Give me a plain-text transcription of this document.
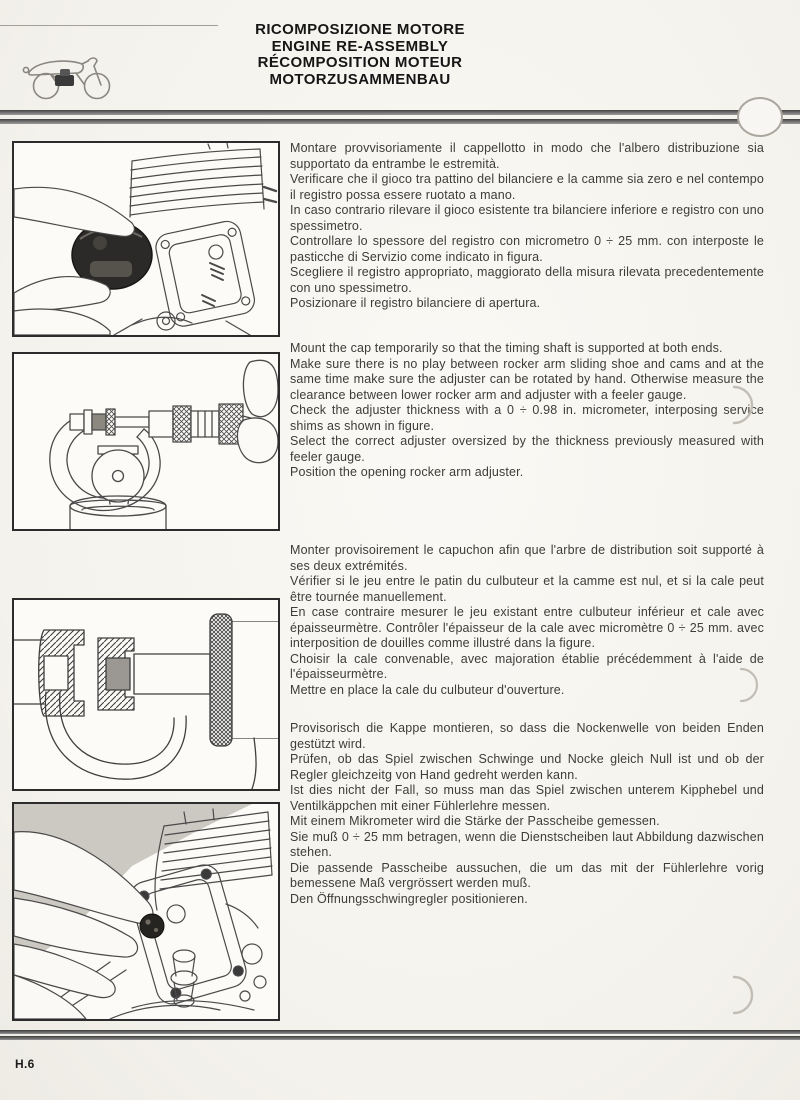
RICOMPOSIZIONE MOTORE
ENGINE RE-ASSEMBLY
RÉCOMPOSITION MOTEUR
MOTORZUSAMMENBAU

Montare provvisoriamente il cappellotto in modo che l'albero distribuzione sia supportato da entrambe le estremità.

Verificare che il gioco tra pattino del bilanciere e la camme sia zero e nel contempo il registro possa essere ruotato a mano.

In caso contrario rilevare il gioco esistente tra bilanciere inferiore e registro con uno spessimetro.

Controllare lo spessore del registro con micrometro 0 ÷ 25 mm. con interposte le pasticche di Servizio come indicato in figura.

Scegliere il registro appropriato, maggiorato della misura rilevata precedentemente con uno spessimetro.

Posizionare il registro bilanciere di apertura.

Mount the cap temporarily so that the timing shaft is supported at both ends.

Make sure there is no play between rocker arm sliding shoe and cams and at the same time make sure the adjuster can be rotated by hand. Otherwise measure the clearance between lower rocker arm and adjuster with a feeler gauge.

Check the adjuster thickness with a 0 ÷ 0.98 in. micrometer, interposing service shims as shown in figure.

Select the correct adjuster oversized by the thickness previously measured with feeler gauge.

Position the opening rocker arm adjuster.

Monter provisoirement le capuchon afin que l'arbre de distribution soit supporté à ses deux extrémités.

Vérifier si le jeu entre le patin du culbuteur et la camme est nul, et si la cale peut être tournée manuellement.

En case contraire mesurer le jeu existant entre culbuteur inférieur et cale avec épaisseurmètre. Contrôler l'épaisseur de la cale avec micromètre 0 ÷ 25 mm. avec interposition de douilles comme illustré dans la figure.

Choisir la cale convenable, avec majoration établie précédemment à l'aide de l'épaisseurmètre.

Mettre en place la cale du culbuteur d'ouverture.

Provisorisch die Kappe montieren, so dass die Nockenwelle von beiden Enden gestützt wird.

Prüfen, ob das Spiel zwischen Schwinge und Nocke gleich Null ist und ob der Regler gleichzeitg von Hand gedreht werden kann.

Ist dies nicht der Fall, so muss man das Spiel zwischen unterem Kipphebel und Ventilkäppchen mit einer Fühlerlehre messen.

Mit einem Mikrometer wird die Stärke der Passcheibe gemessen.

Sie muß 0 ÷ 25 mm betragen, wenn die Dienstscheiben laut Abbildung dazwischen stehen.

Die passende Passcheibe aussuchen, die um das mit der Fühlerlehre vorig bemessene Maß vergrössert werden muß.

Den Öffnungsschwingregler positionieren.

H.6
